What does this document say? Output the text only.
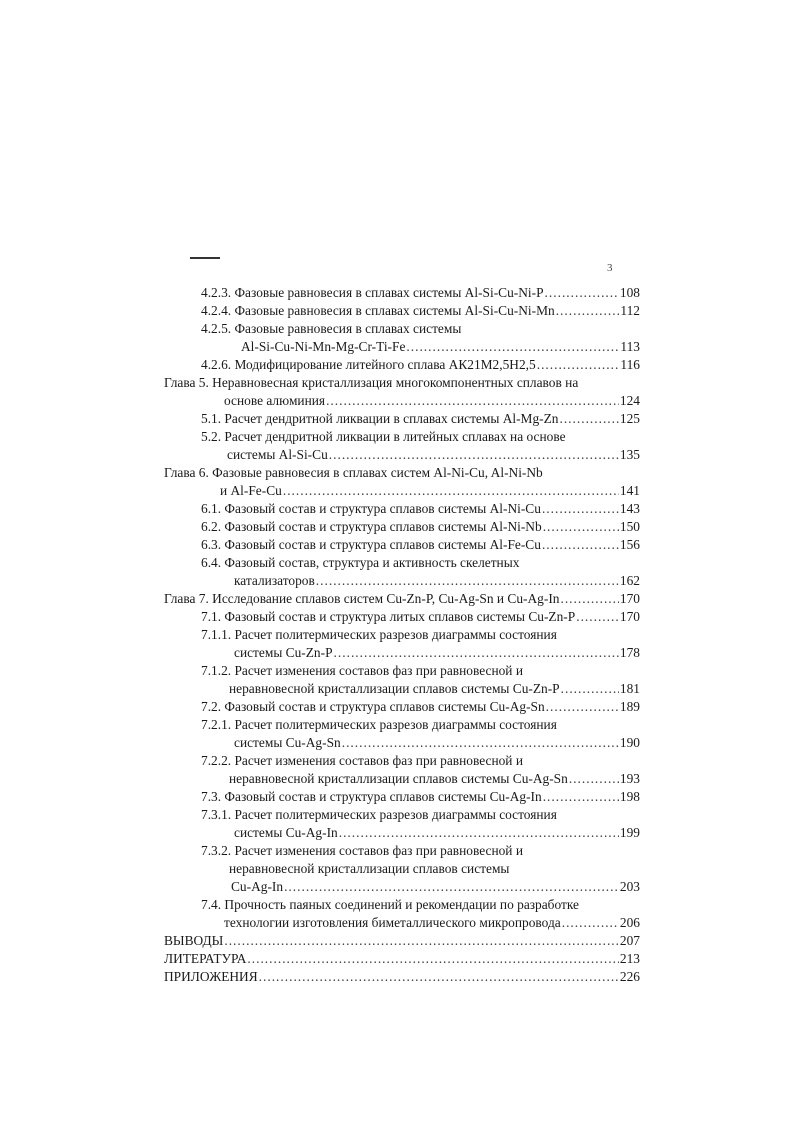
3
4.2.3. Фазовые равновесия в сплавах системы Al-Si-Cu-Ni-P .....	108
4.2.4. Фазовые равновесия в сплавах системы Al-Si-Cu-Ni-Mn .....	112
4.2.5. Фазовые равновесия в сплавах системы
Al-Si-Cu-Ni-Mn-Mg-Cr-Ti-Fe .....	113
4.2.6. Модифицирование литейного сплава АК21М2,5Н2,5 .....	116
Глава 5. Неравновесная кристаллизация многокомпонентных сплавов на
основе алюминия .....	124
5.1. Расчет дендритной ликвации в сплавах системы Al-Mg-Zn .....	125
5.2. Расчет дендритной ликвации в литейных сплавах на основе
системы Al-Si-Cu .....	135
Глава 6. Фазовые равновесия в сплавах систем Al-Ni-Cu, Al-Ni-Nb
и Al-Fe-Cu .....	141
6.1. Фазовый состав и структура сплавов системы Al-Ni-Cu .....	143
6.2. Фазовый состав и структура сплавов системы Al-Ni-Nb .....	150
6.3. Фазовый состав и структура сплавов системы Al-Fe-Cu .....	156
6.4. Фазовый состав, структура и активность скелетных
катализаторов .....	162
Глава 7. Исследование сплавов систем Cu-Zn-P, Cu-Ag-Sn и Cu-Ag-In .....	170
7.1. Фазовый состав и структура литых сплавов системы Cu-Zn-P .....	170
7.1.1. Расчет политермических разрезов диаграммы состояния
системы Cu-Zn-P .....	178
7.1.2. Расчет изменения составов фаз при равновесной и
неравновесной кристаллизации сплавов системы Cu-Zn-P .....	181
7.2. Фазовый состав и структура сплавов системы Cu-Ag-Sn .....	189
7.2.1. Расчет политермических разрезов диаграммы состояния
системы Cu-Ag-Sn .....	190
7.2.2. Расчет изменения составов фаз при равновесной и
неравновесной кристаллизации сплавов системы Cu-Ag-Sn .....	193
7.3. Фазовый состав и структура сплавов системы Cu-Ag-In .....	198
7.3.1. Расчет политермических разрезов диаграммы состояния
системы Cu-Ag-In .....	199
7.3.2. Расчет изменения составов фаз при равновесной и
неравновесной кристаллизации сплавов системы
Cu-Ag-In .....	203
7.4. Прочность паяных соединений и рекомендации по разработке
технологии изготовления биметаллического микропровода .....	206
ВЫВОДЫ .....	207
ЛИТЕРАТУРА .....	213
ПРИЛОЖЕНИЯ .....	226
